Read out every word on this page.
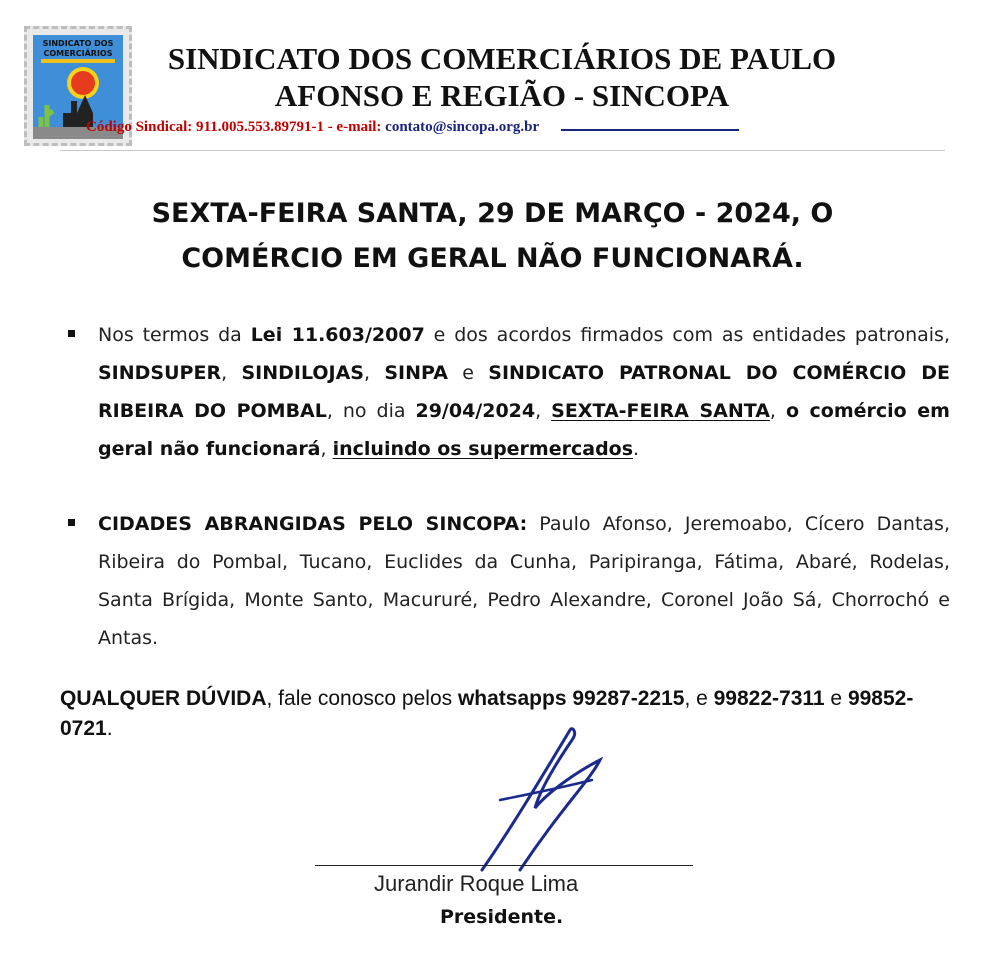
SINDICATO DOS
COMERCIÁRIOS	SINDICATO DOS COMERCIÁRIOS DE PAULO
AFONSO E REGIÃO - SINCOPA
Código Sindical: 911.005.553.89791-1 - e-mail: contato@sincopa.org.br
SEXTA-FEIRA SANTA, 29 DE MARÇO - 2024, O
COMÉRCIO EM GERAL NÃO FUNCIONARÁ.
Nos termos da Lei 11.603/2007 e dos acordos firmados com as entidades patronais, SINDSUPER, SINDILOJAS, SINPA e SINDICATO PATRONAL DO COMÉRCIO DE RIBEIRA DO POMBAL, no dia 29/04/2024, SEXTA-FEIRA SANTA, o comércio em geral não funcionará, incluindo os supermercados.
CIDADES ABRANGIDAS PELO SINCOPA: Paulo Afonso, Jeremoabo, Cícero Dantas, Ribeira do Pombal, Tucano, Euclides da Cunha, Paripiranga, Fátima, Abaré, Rodelas, Santa Brígida, Monte Santo, Macururé, Pedro Alexandre, Coronel João Sá, Chorrochó e Antas.
QUALQUER DÚVIDA, fale conosco pelos whatsapps 99287-2215, e 99822-7311 e 99852-0721.
Jurandir Roque Lima
Presidente.
